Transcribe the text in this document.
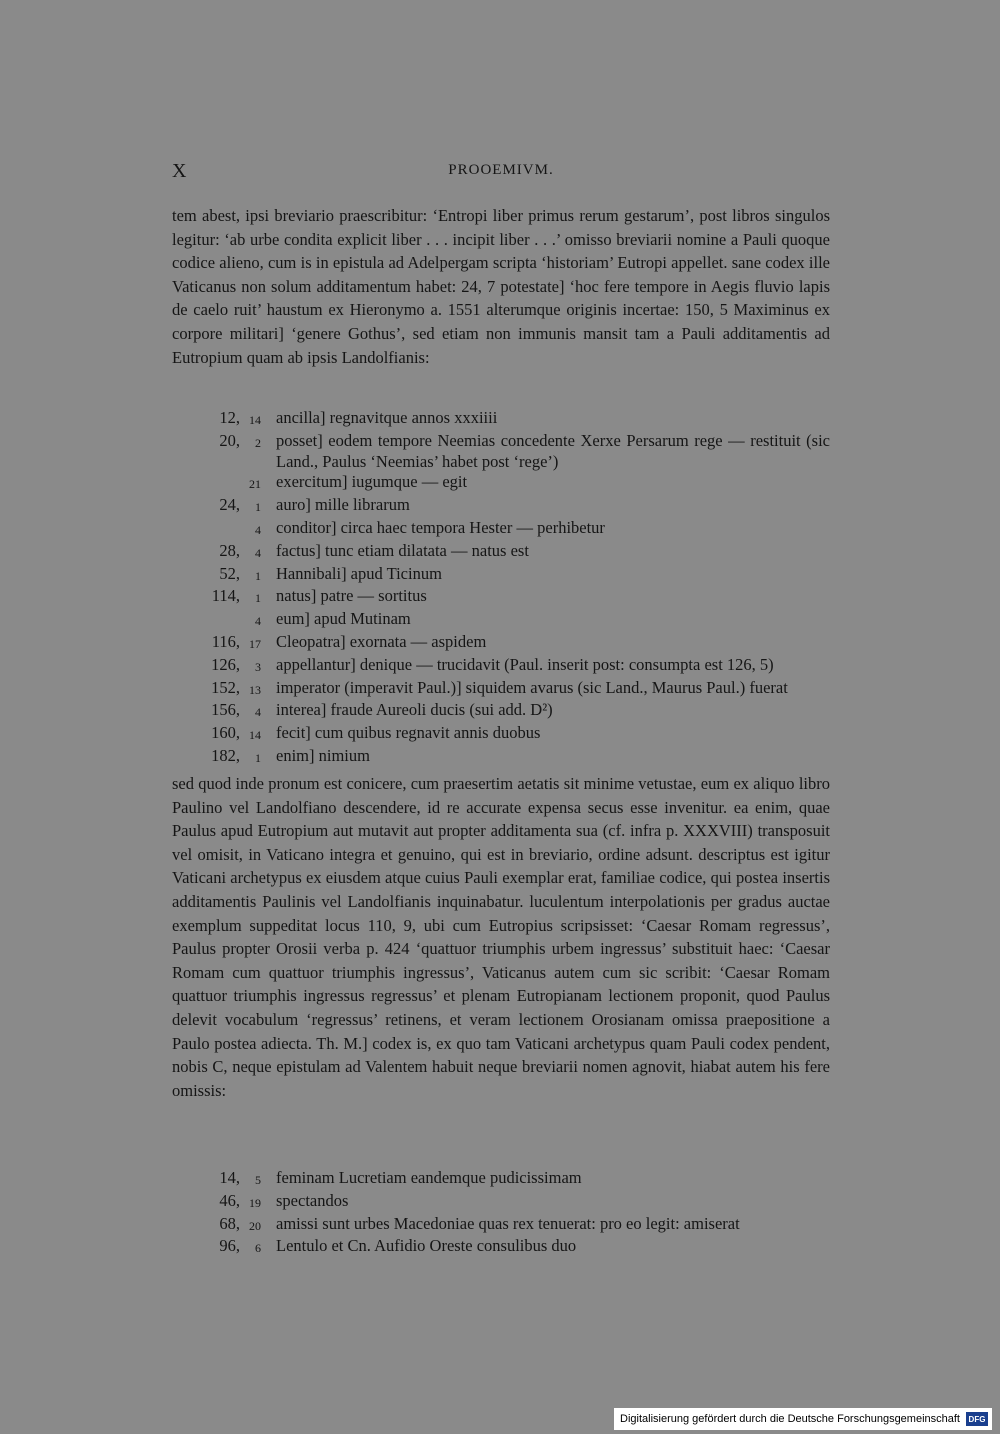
X	PROOEMIVM.

tem abest, ipsi breviario praescribitur: ‘Entropi liber primus rerum gestarum’, post libros singulos legitur: ‘ab urbe condita explicit liber . . . incipit liber . . .’ omisso breviarii nomine a Pauli quoque codice alieno, cum is in epistula ad Adelpergam scripta ‘historiam’ Eutropi appellet. sane codex ille Vaticanus non solum additamentum habet: 24, 7 potestate] ‘hoc fere tempore in Aegis fluvio lapis de caelo ruit’ haustum ex Hieronymo a. 1551 alterumque originis incertae: 150, 5 Maximinus ex corpore militari] ‘genere Gothus’, sed etiam non immunis mansit tam a Pauli additamentis ad Eutropium quam ab ipsis Landolfianis:

12, 14 ancilla] regnavitque annos xxxiiii
20,	2 posset] eodem tempore Neemias concedente Xerxe Persarum rege — restituit (sic Land., Paulus ‘Neemias’ habet post ‘rege’)
21 exercitum] iugumque — egit
24,	1 auro] mille librarum
4 conditor] circa haec tempora Hester — perhibetur
28,	4 factus] tunc etiam dilatata — natus est
52,	1 Hannibali] apud Ticinum
114,	1 natus] patre — sortitus
4 eum] apud Mutinam
116, 17 Cleopatra] exornata — aspidem
126,	3 appellantur] denique — trucidavit (Paul. inserit post: consumpta est 126, 5)
152, 13 imperator (imperavit Paul.)] siquidem avarus (sic Land., Maurus Paul.) fuerat
156,	4 interea] fraude Aureoli ducis (sui add. D²)
160, 14 fecit] cum quibus regnavit annis duobus
182,	1 enim] nimium

sed quod inde pronum est conicere, cum praesertim aetatis sit minime vetustae, eum ex aliquo libro Paulino vel Landolfiano descendere, id re accurate expensa secus esse invenitur. ea enim, quae Paulus apud Eutropium aut mutavit aut propter additamenta sua (cf. infra p. XXXVIII) transposuit vel omisit, in Vaticano integra et genuino, qui est in breviario, ordine adsunt. descriptus est igitur Vaticani archetypus ex eiusdem atque cuius Pauli exemplar erat, familiae codice, qui postea insertis additamentis Paulinis vel Landolfianis inquinabatur. luculentum interpolationis per gradus auctae exemplum suppeditat locus 110, 9, ubi cum Eutropius scripsisset: ‘Caesar Romam regressus’, Paulus propter Orosii verba p. 424 ‘quattuor triumphis urbem ingressus’ substituit haec: ‘Caesar Romam cum quattuor triumphis ingressus’, Vaticanus autem cum sic scribit: ‘Caesar Romam quattuor triumphis ingressus regressus’ et plenam Eutropianam lectionem proponit, quod Paulus delevit vocabulum ‘regressus’ retinens, et veram lectionem Orosianam omissa praepositione a Paulo postea adiecta. Th. M.] codex is, ex quo tam Vaticani archetypus quam Pauli codex pendent, nobis C, neque epistulam ad Valentem habuit neque breviarii nomen agnovit, hiabat autem his fere omissis:

14,	5 feminam Lucretiam eandemque pudicissimam
46, 19 spectandos
68, 20 amissi sunt urbes Macedoniae quas rex tenuerat: pro eo legit: amiserat
96,	6 Lentulo et Cn. Aufidio Oreste consulibus duo
Digitalisierung gefördert durch die Deutsche Forschungsgemeinschaft	DFG
